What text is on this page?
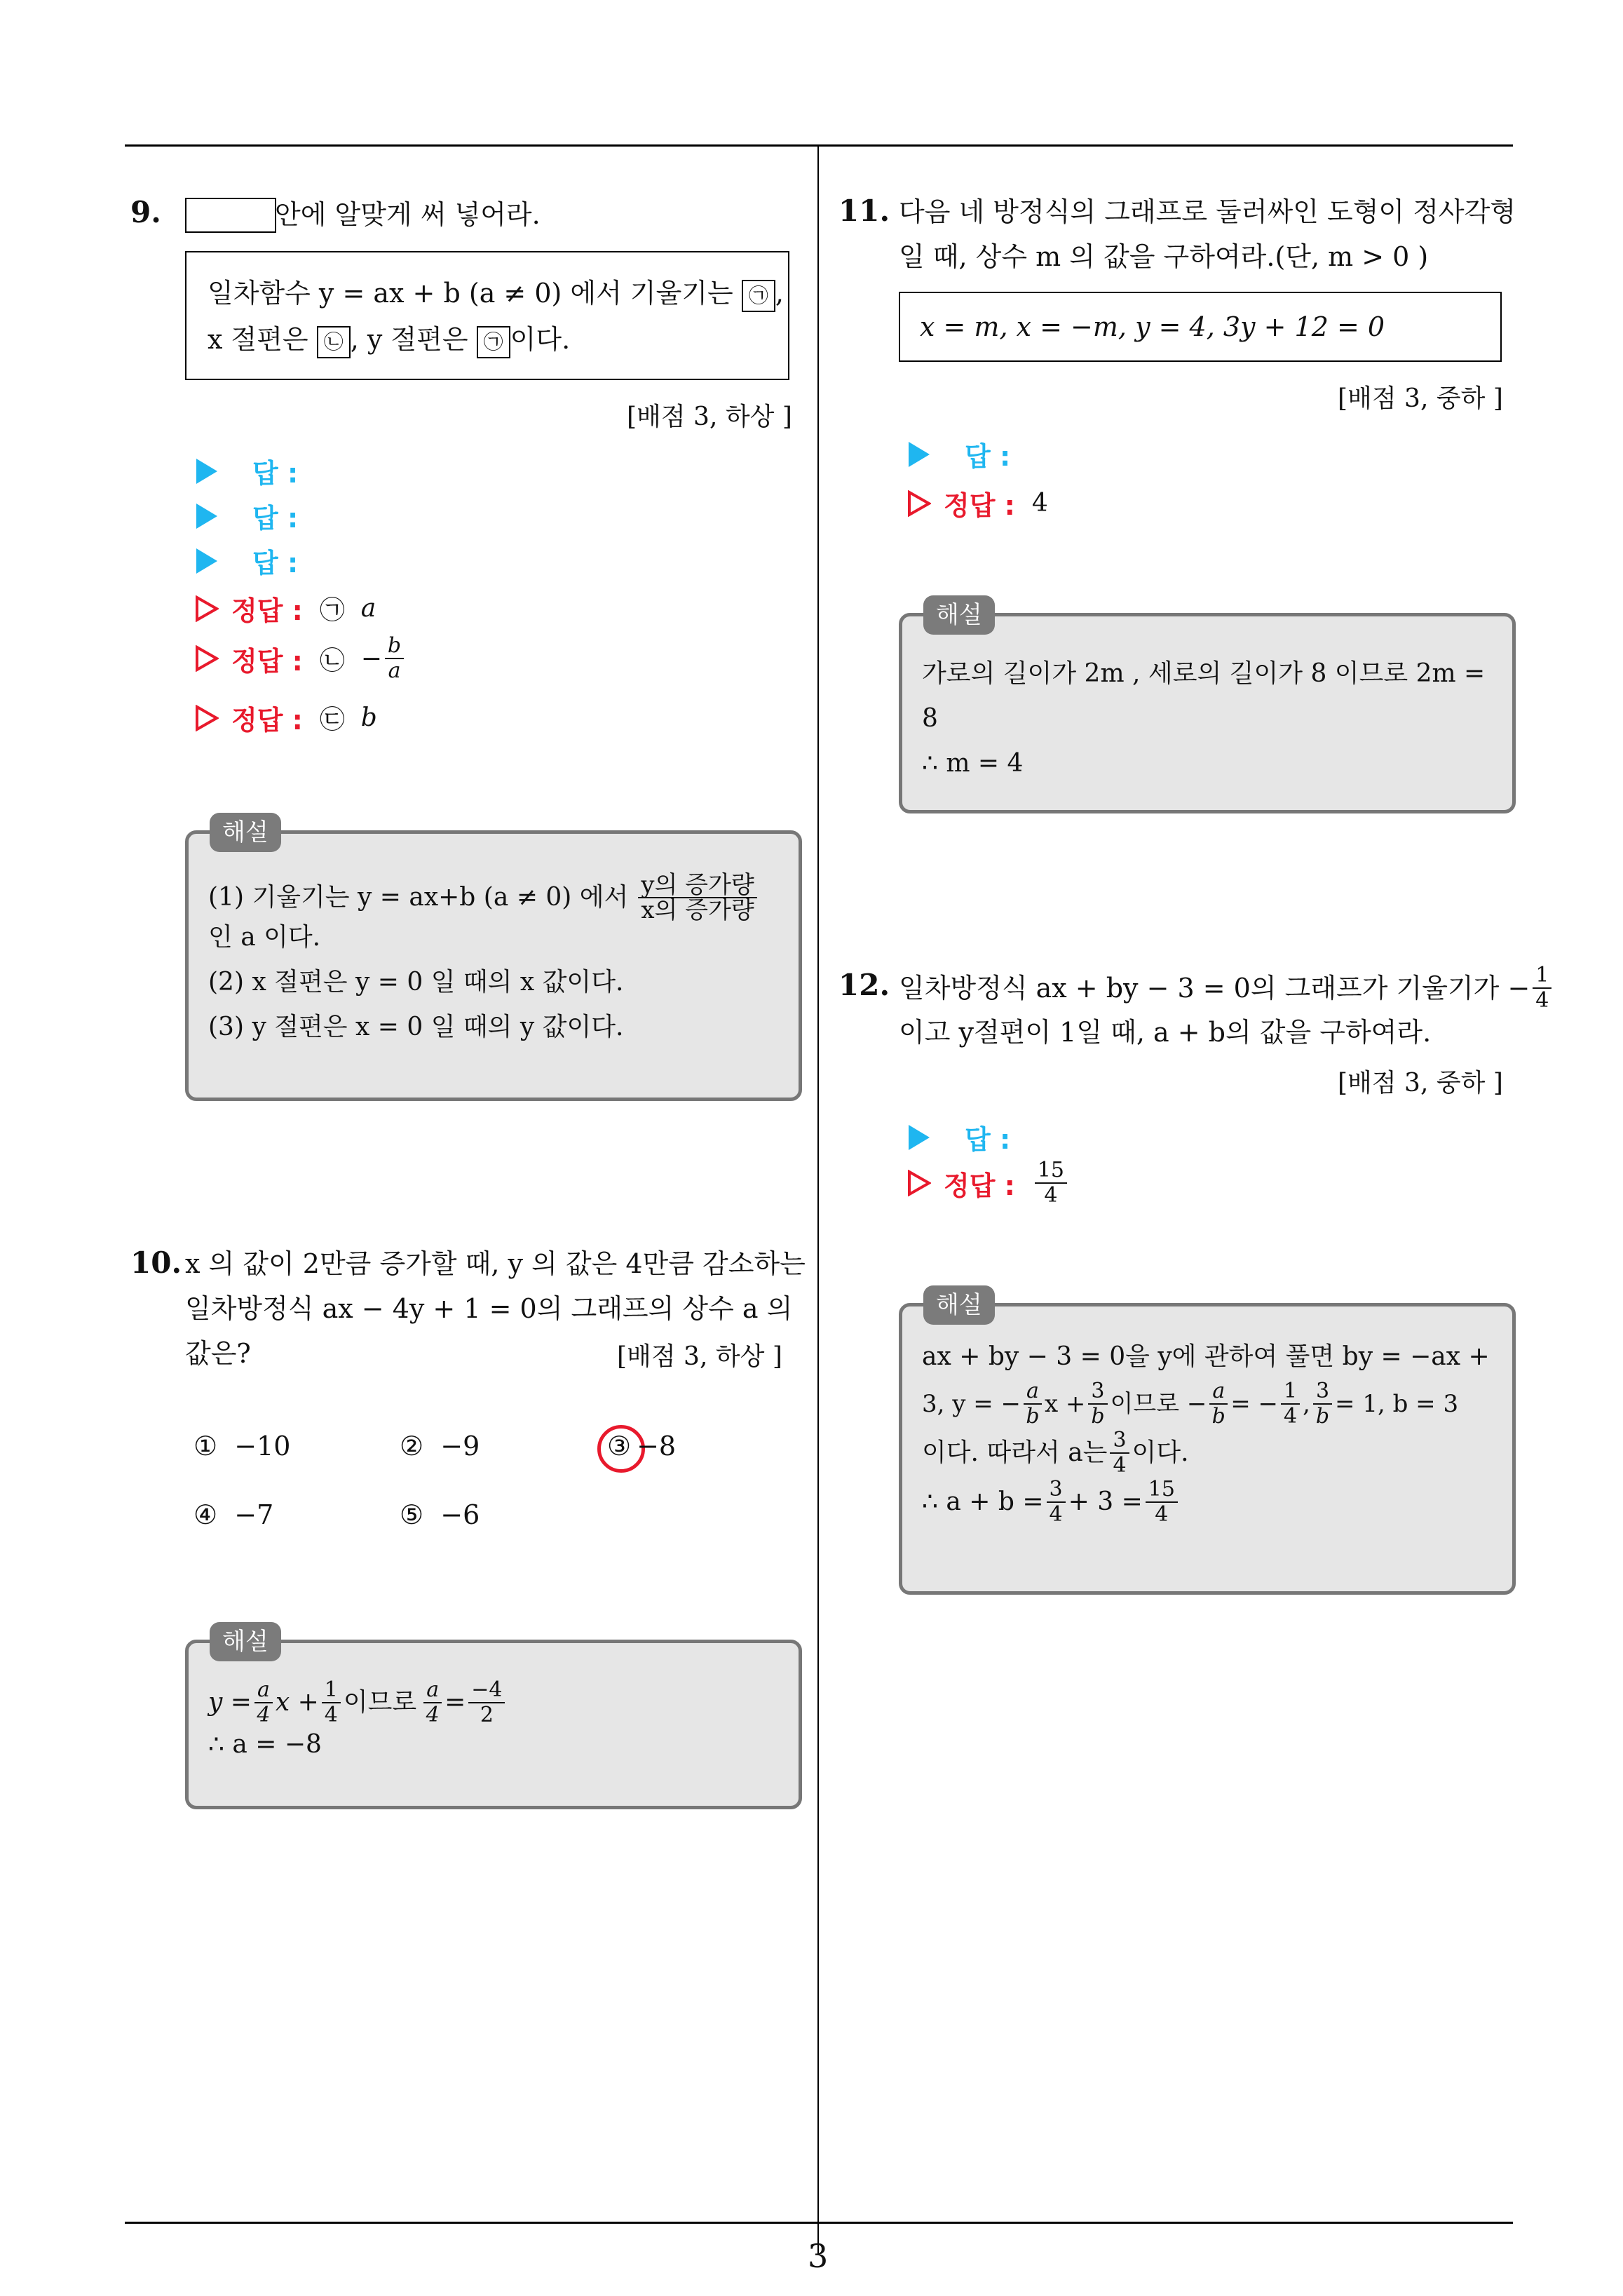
3
9.	안에 알맞게 써 넣어라.
일차함수 y = ax + b (a ≠ 0) 에서 기울기는 ㉠ ,
x 절편은 ㉡ , y 절편은 ㉠ 이다.
[배점 3, 하상 ]
답 :
답 :
답 :
정답 : ㉠
a
정답 : ㉡
− $\frac{b}{a}$
정답 : ㉢
b
해설
(1) 기울기는 y = ax+b (a ≠ 0) 에서 $\frac{\text{y의 증가량}}{\text{x의 증가량}}$
인 a 이다.
(2) x 절편은 y = 0 일 때의 x 값이다.
(3) y 절편은 x = 0 일 때의 y 값이다.
10. x 의 값이 2만큼 증가할 때, y 의 값은 4만큼 감소하는
일차방정식 ax − 4y + 1 = 0의 그래프의 상수 a 의
값은?	[배점 3, 하상 ]
① −10	② −9	③ −8
④ −7	⑤ −6
해설
$y = \frac{a}{4}$ $x + \frac{1}{4}$ 이므로 $\frac{a}{4} = \frac{-4}{2}$
∴ a = −8
11. 다음 네 방정식의 그래프로 둘러싸인 도형이 정사각형
일 때, 상수 m 의 값을 구하여라.(단, m > 0 )
x = m, x = −m, y = 4, 3y + 12 = 0
[배점 3, 중하 ]
답 :
정답 : 4
해설
가로의 길이가 2m , 세로의 길이가 8 이므로 2m =
8
∴ m = 4
12. 일차방정식 ax + by − 3 = 0의 그래프가 기울기가 − $\frac{1}{4}$
이고 y절편이 1일 때, a + b의 값을 구하여라.
[배점 3, 중하 ]
답 :
정답 : $\frac{15}{4}$
해설
ax + by − 3 = 0을 y에 관하여 풀면 by = −ax +
3, y = − $\frac{a}{b}$ $x + \frac{3}{b}$ 이므로 − $\frac{a}{b}$ = − $\frac{1}{4}$ , $\frac{3}{b} = 1$, b = 3
이다. 따라서 a는 $\frac{3}{4}$ 이다.
∴ $a + b = \frac{3}{4} + 3 = \frac{15}{4}$
